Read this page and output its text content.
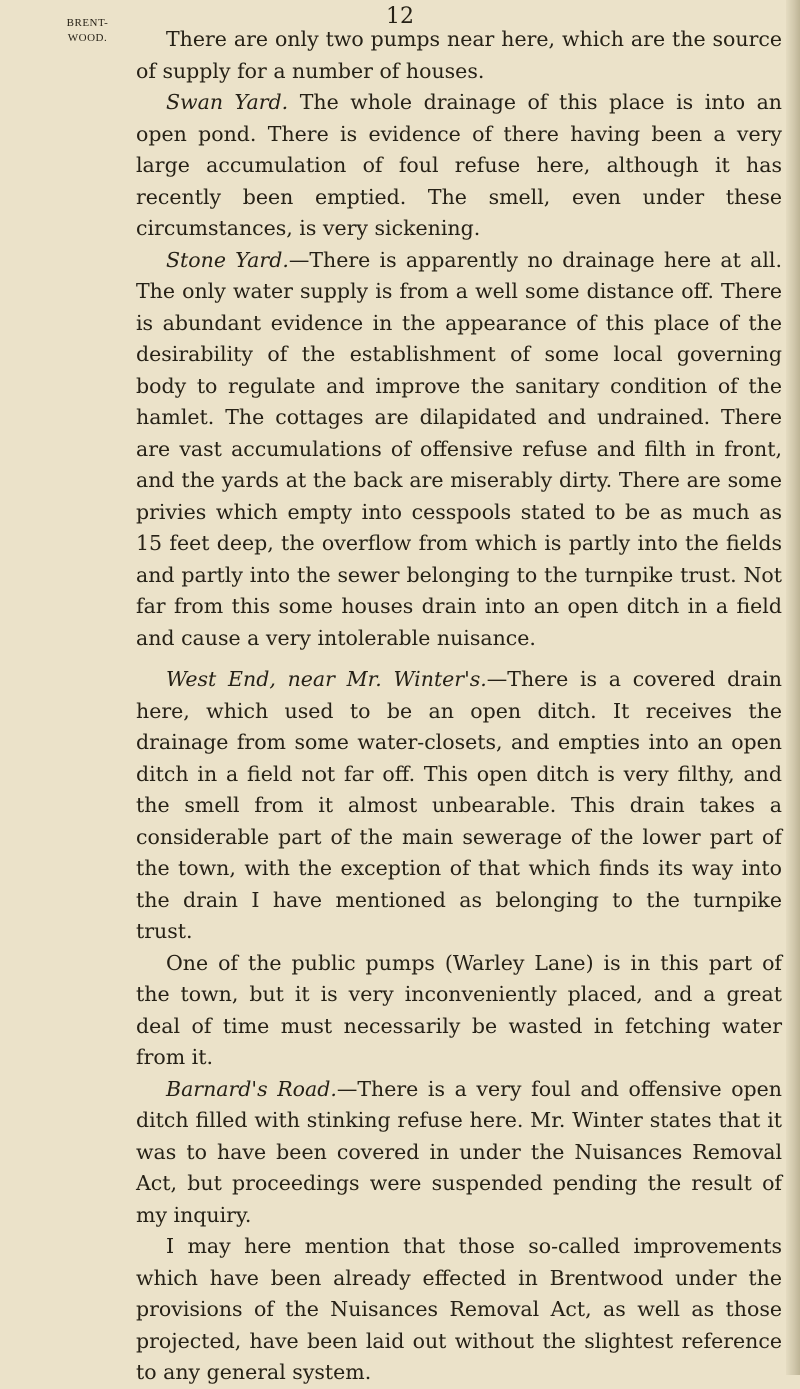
12

BRENT-
WOOD.	There are only two pumps near here, which are the source of supply for a number of houses.

Swan Yard. The whole drainage of this place is into an open pond. There is evidence of there having been a very large accumulation of foul refuse here, although it has recently been emptied. The smell, even under these circumstances, is very sickening.

Stone Yard.—There is apparently no drainage here at all. The only water supply is from a well some distance off. There is abundant evidence in the appearance of this place of the desirability of the establishment of some local governing body to regulate and improve the sanitary condition of the hamlet. The cottages are dilapidated and undrained. There are vast accumulations of offensive refuse and filth in front, and the yards at the back are miserably dirty. There are some privies which empty into cesspools stated to be as much as 15 feet deep, the overflow from which is partly into the fields and partly into the sewer belonging to the turnpike trust. Not far from this some houses drain into an open ditch in a field and cause a very intolerable nuisance.

West End, near Mr. Winter's.—There is a covered drain here, which used to be an open ditch. It receives the drainage from some water-closets, and empties into an open ditch in a field not far off. This open ditch is very filthy, and the smell from it almost unbearable. This drain takes a considerable part of the main sewerage of the lower part of the town, with the exception of that which finds its way into the drain I have mentioned as belonging to the turnpike trust.

One of the public pumps (Warley Lane) is in this part of the town, but it is very inconveniently placed, and a great deal of time must necessarily be wasted in fetching water from it.

Barnard's Road.—There is a very foul and offensive open ditch filled with stinking refuse here. Mr. Winter states that it was to have been covered in under the Nuisances Removal Act, but proceedings were suspended pending the result of my inquiry.

I may here mention that those so-called improvements which have been already effected in Brentwood under the provisions of the Nuisances Removal Act, as well as those projected, have been laid out without the slightest reference to any general system.
